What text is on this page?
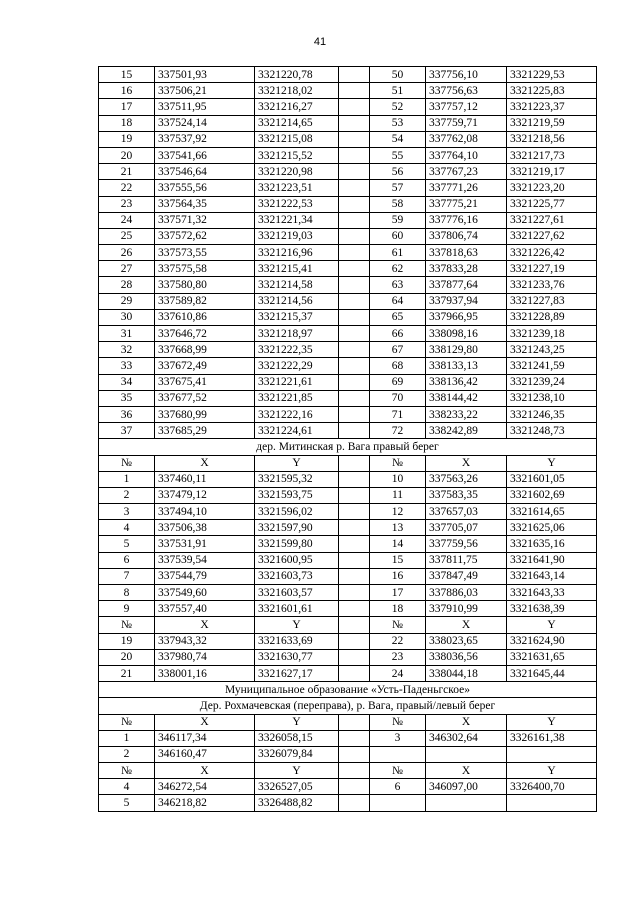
41
15	337501,93	3321220,78		50	337756,10	3321229,53
16	337506,21	3321218,02		51	337756,63	3321225,83
17	337511,95	3321216,27		52	337757,12	3321223,37
18	337524,14	3321214,65		53	337759,71	3321219,59
19	337537,92	3321215,08		54	337762,08	3321218,56
20	337541,66	3321215,52		55	337764,10	3321217,73
21	337546,64	3321220,98		56	337767,23	3321219,17
22	337555,56	3321223,51		57	337771,26	3321223,20
23	337564,35	3321222,53		58	337775,21	3321225,77
24	337571,32	3321221,34		59	337776,16	3321227,61
25	337572,62	3321219,03		60	337806,74	3321227,62
26	337573,55	3321216,96		61	337818,63	3321226,42
27	337575,58	3321215,41		62	337833,28	3321227,19
28	337580,80	3321214,58		63	337877,64	3321233,76
29	337589,82	3321214,56		64	337937,94	3321227,83
30	337610,86	3321215,37		65	337966,95	3321228,89
31	337646,72	3321218,97		66	338098,16	3321239,18
32	337668,99	3321222,35		67	338129,80	3321243,25
33	337672,49	3321222,29		68	338133,13	3321241,59
34	337675,41	3321221,61		69	338136,42	3321239,24
35	337677,52	3321221,85		70	338144,42	3321238,10
36	337680,99	3321222,16		71	338233,22	3321246,35
37	337685,29	3321224,61		72	338242,89	3321248,73
дер. Митинская р. Вага правый берег						
№	X	Y		№	X	Y
1	337460,11	3321595,32		10	337563,26	3321601,05
2	337479,12	3321593,75		11	337583,35	3321602,69
3	337494,10	3321596,02		12	337657,03	3321614,65
4	337506,38	3321597,90		13	337705,07	3321625,06
5	337531,91	3321599,80		14	337759,56	3321635,16
6	337539,54	3321600,95		15	337811,75	3321641,90
7	337544,79	3321603,73		16	337847,49	3321643,14
8	337549,60	3321603,57		17	337886,03	3321643,33
9	337557,40	3321601,61		18	337910,99	3321638,39
№	X	Y		№	X	Y
19	337943,32	3321633,69		22	338023,65	3321624,90
20	337980,74	3321630,77		23	338036,56	3321631,65
21	338001,16	3321627,17		24	338044,18	3321645,44
Муниципальное образование «Усть-Паденьгское»						
Дер. Рохмачевская (переправа), р. Вага, правый/левый берег						
№	X	Y		№	X	Y
1	346117,34	3326058,15		3	346302,64	3326161,38
2	346160,47	3326079,84				
№	X	Y		№	X	Y
4	346272,54	3326527,05		6	346097,00	3326400,70
5	346218,82	3326488,82				
